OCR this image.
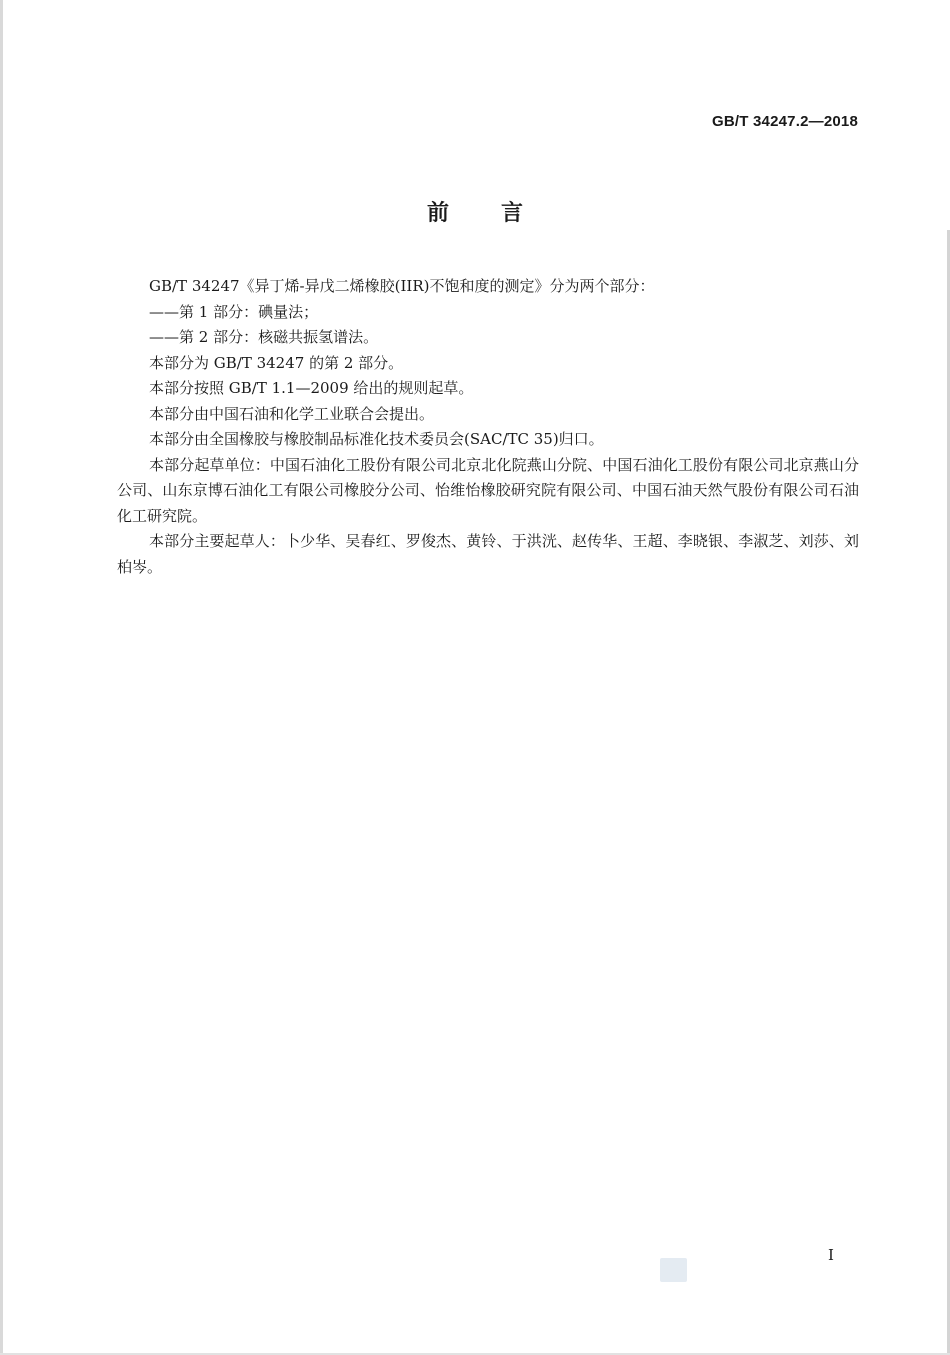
GB/T 34247.2—2018
前言

GB/T 34247《异丁烯-异戊二烯橡胶(IIR)不饱和度的测定》分为两个部分：

——第 1 部分：碘量法；

——第 2 部分：核磁共振氢谱法。

本部分为 GB/T 34247 的第 2 部分。

本部分按照 GB/T 1.1—2009 给出的规则起草。

本部分由中国石油和化学工业联合会提出。

本部分由全国橡胶与橡胶制品标准化技术委员会(SAC/TC 35)归口。

本部分起草单位：中国石油化工股份有限公司北京北化院燕山分院、中国石油化工股份有限公司北京燕山分公司、山东京博石油化工有限公司橡胶分公司、怡维怡橡胶研究院有限公司、中国石油天然气股份有限公司石油化工研究院。

本部分主要起草人：卜少华、吴春红、罗俊杰、黄铃、于洪洸、赵传华、王超、李晓银、李淑芝、刘莎、刘柏岑。

I
